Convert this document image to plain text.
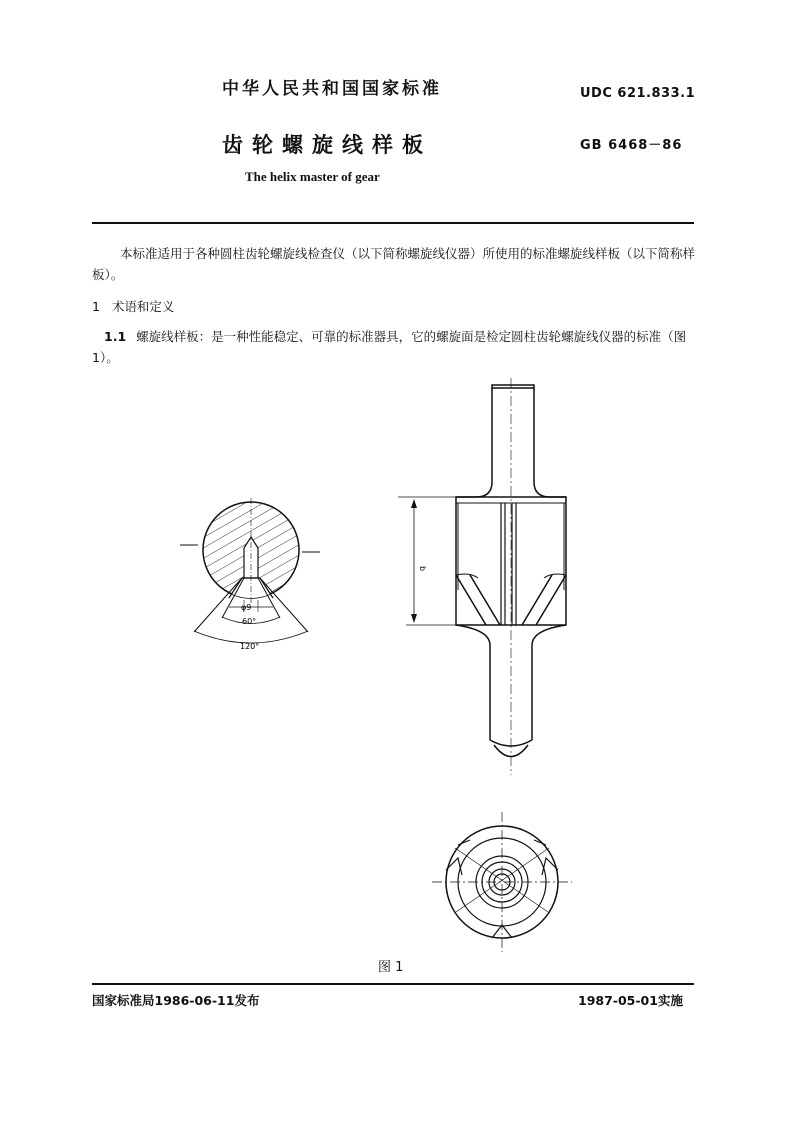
中华人民共和国国家标准	UDC 621.833.1
齿轮螺旋线样板	GB 6468－86
The helix master of gear
本标准适用于各种圆柱齿轮螺旋线检查仪（以下简称螺旋线仪器）所使用的标准螺旋线样板（以下简称样板）。
1 术语和定义
1.1 螺旋线样板：是一种性能稳定、可靠的标准器具，它的螺旋面是检定圆柱齿轮螺旋线仪器的标准（图1）。
φ9
60°
120°
b
图 1
国家标准局1986-06-11发布	1987-05-01实施
